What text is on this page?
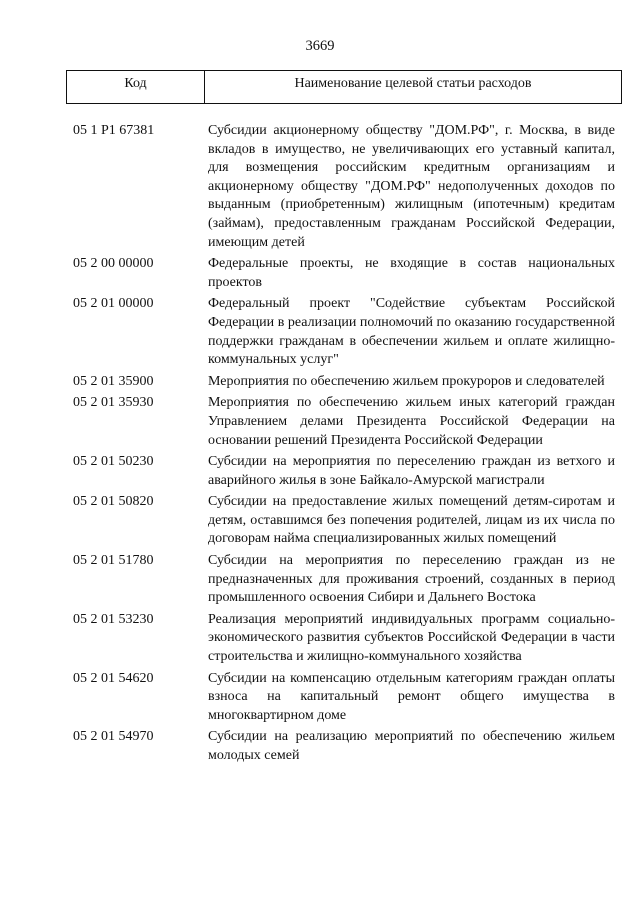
3669
Код	Наименование целевой статьи расходов
05 1 P1 67381	Субсидии акционерному обществу "ДОМ.РФ", г. Москва, в виде вкладов в имущество, не увеличивающих его уставный капитал, для возмещения российским кредитным организациям и акционерному обществу "ДОМ.РФ" недополученных доходов по выданным (приобретенным) жилищным (ипотечным) кредитам (займам), предоставленным гражданам Российской Федерации, имеющим детей
05 2 00 00000	Федеральные проекты, не входящие в состав национальных проектов
05 2 01 00000	Федеральный проект "Содействие субъектам Российской Федерации в реализации полномочий по оказанию государственной поддержки гражданам в обеспечении жильем и оплате жилищно-коммунальных услуг"
05 2 01 35900	Мероприятия по обеспечению жильем прокуроров и следователей
05 2 01 35930	Мероприятия по обеспечению жильем иных категорий граждан Управлением делами Президента Российской Федерации на основании решений Президента Российской Федерации
05 2 01 50230	Субсидии на мероприятия по переселению граждан из ветхого и аварийного жилья в зоне Байкало-Амурской магистрали
05 2 01 50820	Субсидии на предоставление жилых помещений детям-сиротам и детям, оставшимся без попечения родителей, лицам из их числа по договорам найма специализированных жилых помещений
05 2 01 51780	Субсидии на мероприятия по переселению граждан из не предназначенных для проживания строений, созданных в период промышленного освоения Сибири и Дальнего Востока
05 2 01 53230	Реализация мероприятий индивидуальных программ социально-экономического развития субъектов Российской Федерации в части строительства и жилищно-коммунального хозяйства
05 2 01 54620	Субсидии на компенсацию отдельным категориям граждан оплаты взноса на капитальный ремонт общего имущества в многоквартирном доме
05 2 01 54970	Субсидии на реализацию мероприятий по обеспечению жильем молодых семей
